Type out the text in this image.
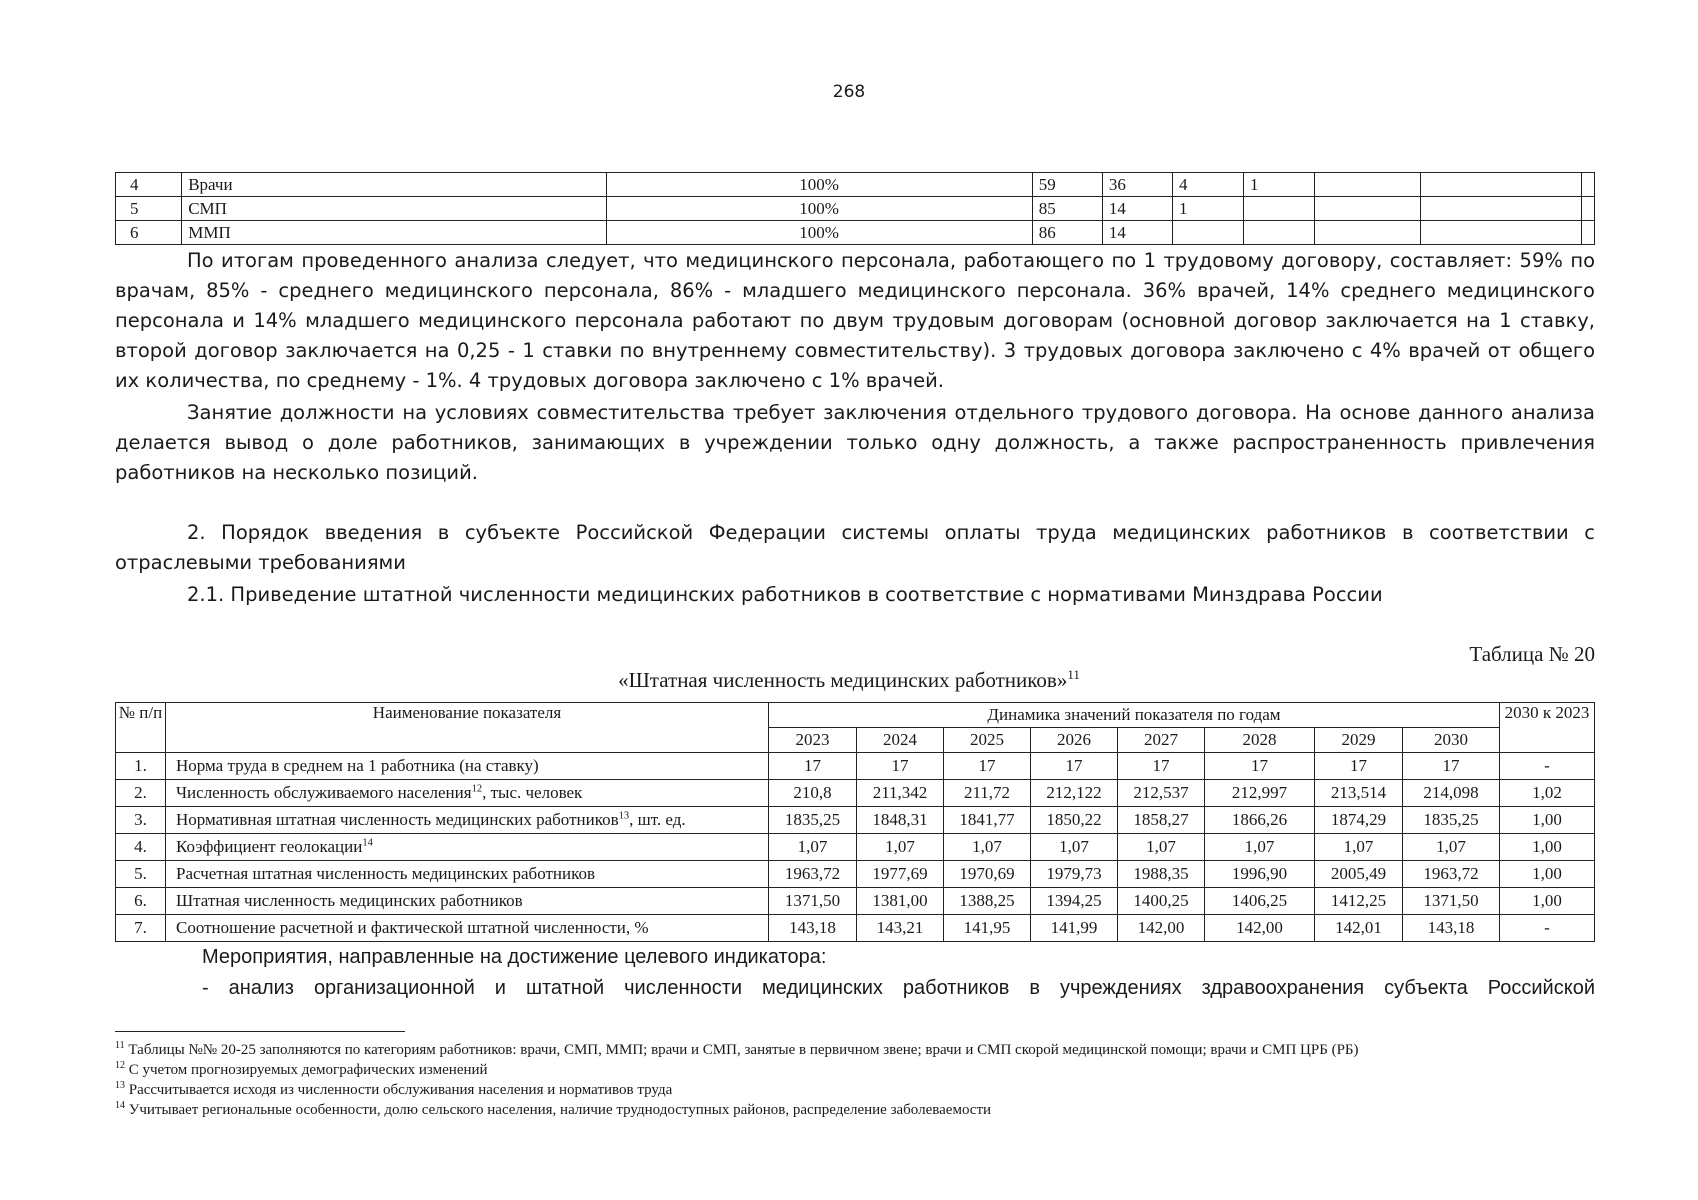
268
4	Врачи	100%	59	36	4	1			
5	СМП	100%	85	14	1				
6	ММП	100%	86	14					

По итогам проведенного анализа следует, что медицинского персонала, работающего по 1 трудовому договору, составляет: 59% по врачам, 85% - среднего медицинского персонала, 86% - младшего медицинского персонала. 36% врачей, 14% среднего медицинского персонала и 14% младшего медицинского персонала работают по двум трудовым договорам (основной договор заключается на 1 ставку, второй договор заключается на 0,25 - 1 ставки по внутреннему совместительству). 3 трудовых договора заключено с 4% врачей от общего их количества, по среднему - 1%. 4 трудовых договора заключено с 1% врачей.

Занятие должности на условиях совместительства требует заключения отдельного трудового договора. На основе данного анализа делается вывод о доле работников, занимающих в учреждении только одну должность, а также распространенность привлечения работников на несколько позиций.

2. Порядок введения в субъекте Российской Федерации системы оплаты труда медицинских работников в соответствии с отраслевыми требованиями

2.1. Приведение штатной численности медицинских работников в соответствие с нормативами Минздрава России

Таблица № 20
«Штатная численность медицинских работников»$^{11}$
№ п/п	Наименование показателя	Динамика значений показателя по годам								2030 к 2023
		2023	2024	2025	2026	2027	2028	2029	2030	
1.	Норма труда в среднем на 1 работника (на ставку)	17	17	17	17	17	17	17	17	-
2.	Численность обслуживаемого населения$^{12}$, тыс. человек	210,8	211,342	211,72	212,122	212,537	212,997	213,514	214,098	1,02
3.	Нормативная штатная численность медицинских работников$^{13}$, шт. ед.	1835,25	1848,31	1841,77	1850,22	1858,27	1866,26	1874,29	1835,25	1,00
4.	Коэффициент геолокации$^{14}$	1,07	1,07	1,07	1,07	1,07	1,07	1,07	1,07	1,00
5.	Расчетная штатная численность медицинских работников	1963,72	1977,69	1970,69	1979,73	1988,35	1996,90	2005,49	1963,72	1,00
6.	Штатная численность медицинских работников	1371,50	1381,00	1388,25	1394,25	1400,25	1406,25	1412,25	1371,50	1,00
7.	Соотношение расчетной и фактической штатной численности, %	143,18	143,21	141,95	141,99	142,00	142,00	142,01	143,18	-

Мероприятия, направленные на достижение целевого индикатора:

- анализ организационной и штатной численности медицинских работников в учреждениях здравоохранения субъекта Российской

$^{11}$ Таблицы №№ 20-25 заполняются по категориям работников: врачи, СМП, ММП; врачи и СМП, занятые в первичном звене; врачи и СМП скорой медицинской помощи; врачи и СМП ЦРБ (РБ)

$^{12}$ С учетом прогнозируемых демографических изменений

$^{13}$ Рассчитывается исходя из численности обслуживания населения и нормативов труда

$^{14}$ Учитывает региональные особенности, долю сельского населения, наличие труднодоступных районов, распределение заболеваемости
